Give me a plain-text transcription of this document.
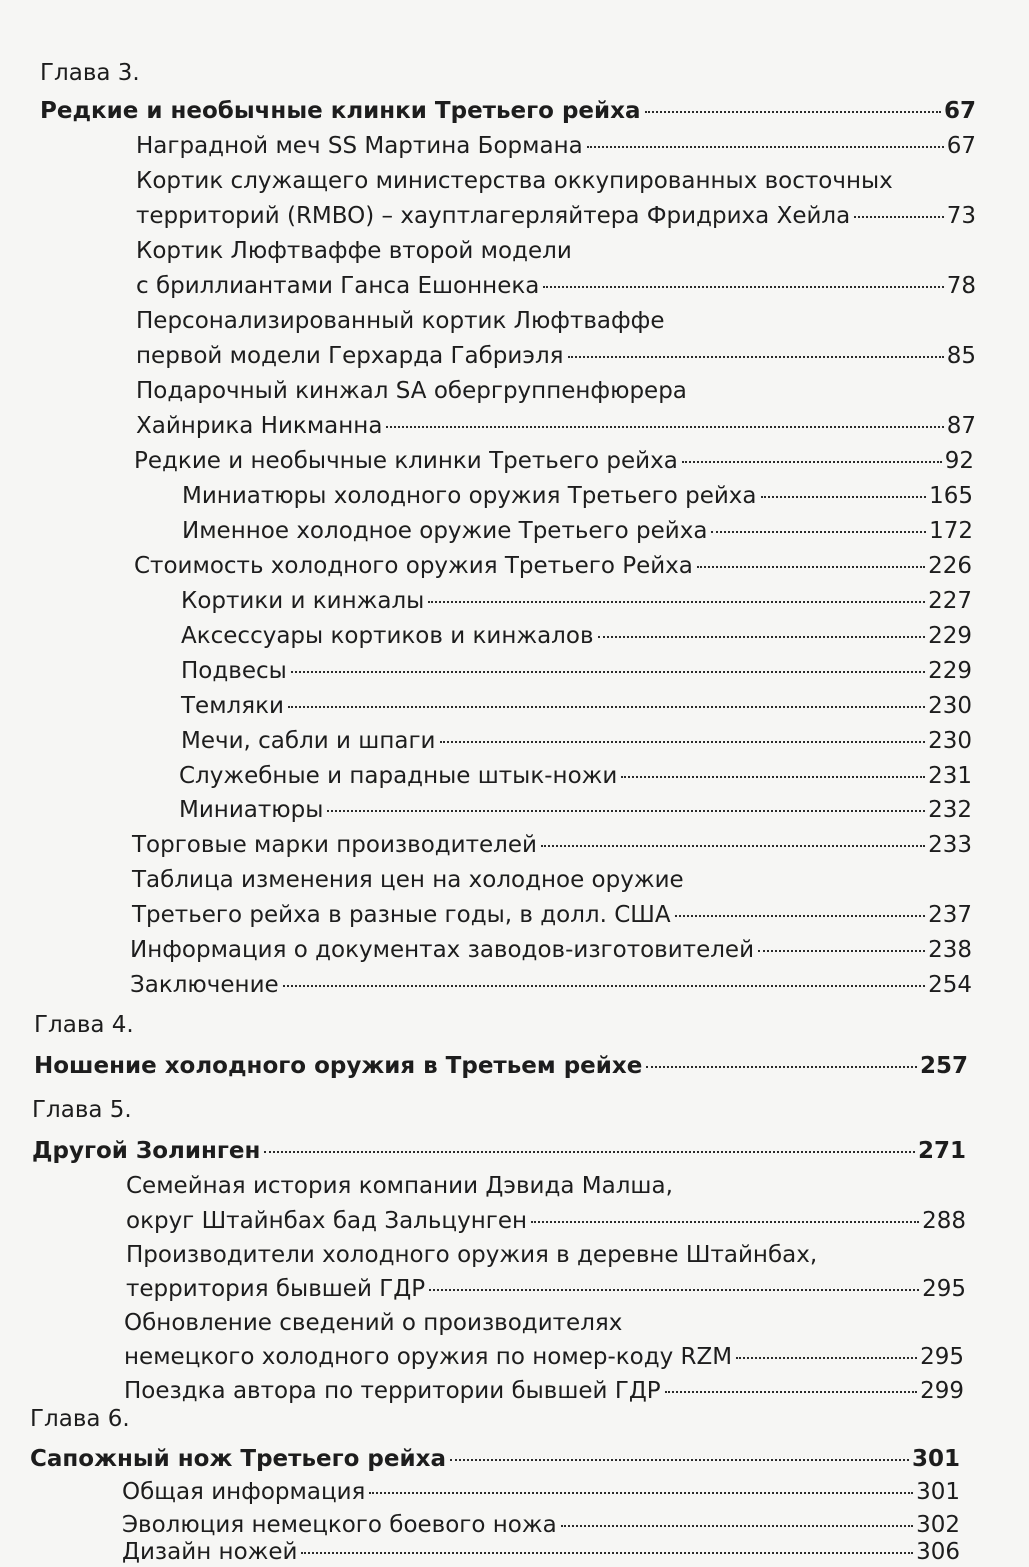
Глава 3.
Редкие и необычные клинки Третьего рейха	67
Наградной меч SS Мартина Бормана	67
Кортик служащего министерства оккупированных восточных
территорий (RMBO) – хауптлагерляйтера Фридриха Хейла	73
Кортик Люфтваффе второй модели
с бриллиантами Ганса Ешоннека	78
Персонализированный кортик Люфтваффе
первой модели Герхарда Габриэля	85
Подарочный кинжал SA обергруппенфюрера
Хайнрика Никманна	87
Редкие и необычные клинки Третьего рейха	92
Миниатюры холодного оружия Третьего рейха	165
Именное холодное оружие Третьего рейха	172
Стоимость холодного оружия Третьего Рейха	226
Кортики и кинжалы	227
Аксессуары кортиков и кинжалов	229
Подвесы	229
Темляки	230
Мечи, сабли и шпаги	230
Служебные и парадные штык-ножи	231
Миниатюры	232
Торговые марки производителей	233
Таблица изменения цен на холодное оружие
Третьего рейха в разные годы, в долл. США	237
Информация о документах заводов-изготовителей	238
Заключение	254
Глава 4.
Ношение холодного оружия в Третьем рейхе	257
Глава 5.
Другой Золинген	271
Семейная история компании Дэвида Малша,
округ Штайнбах бад Зальцунген	288
Производители холодного оружия в деревне Штайнбах,
территория бывшей ГДР	295
Обновление сведений о производителях
немецкого холодного оружия по номер-коду RZM	295
Поездка автора по территории бывшей ГДР	299
Глава 6.
Сапожный нож Третьего рейха	301
Общая информация	301
Эволюция немецкого боевого ножа	302
Дизайн ножей	306
